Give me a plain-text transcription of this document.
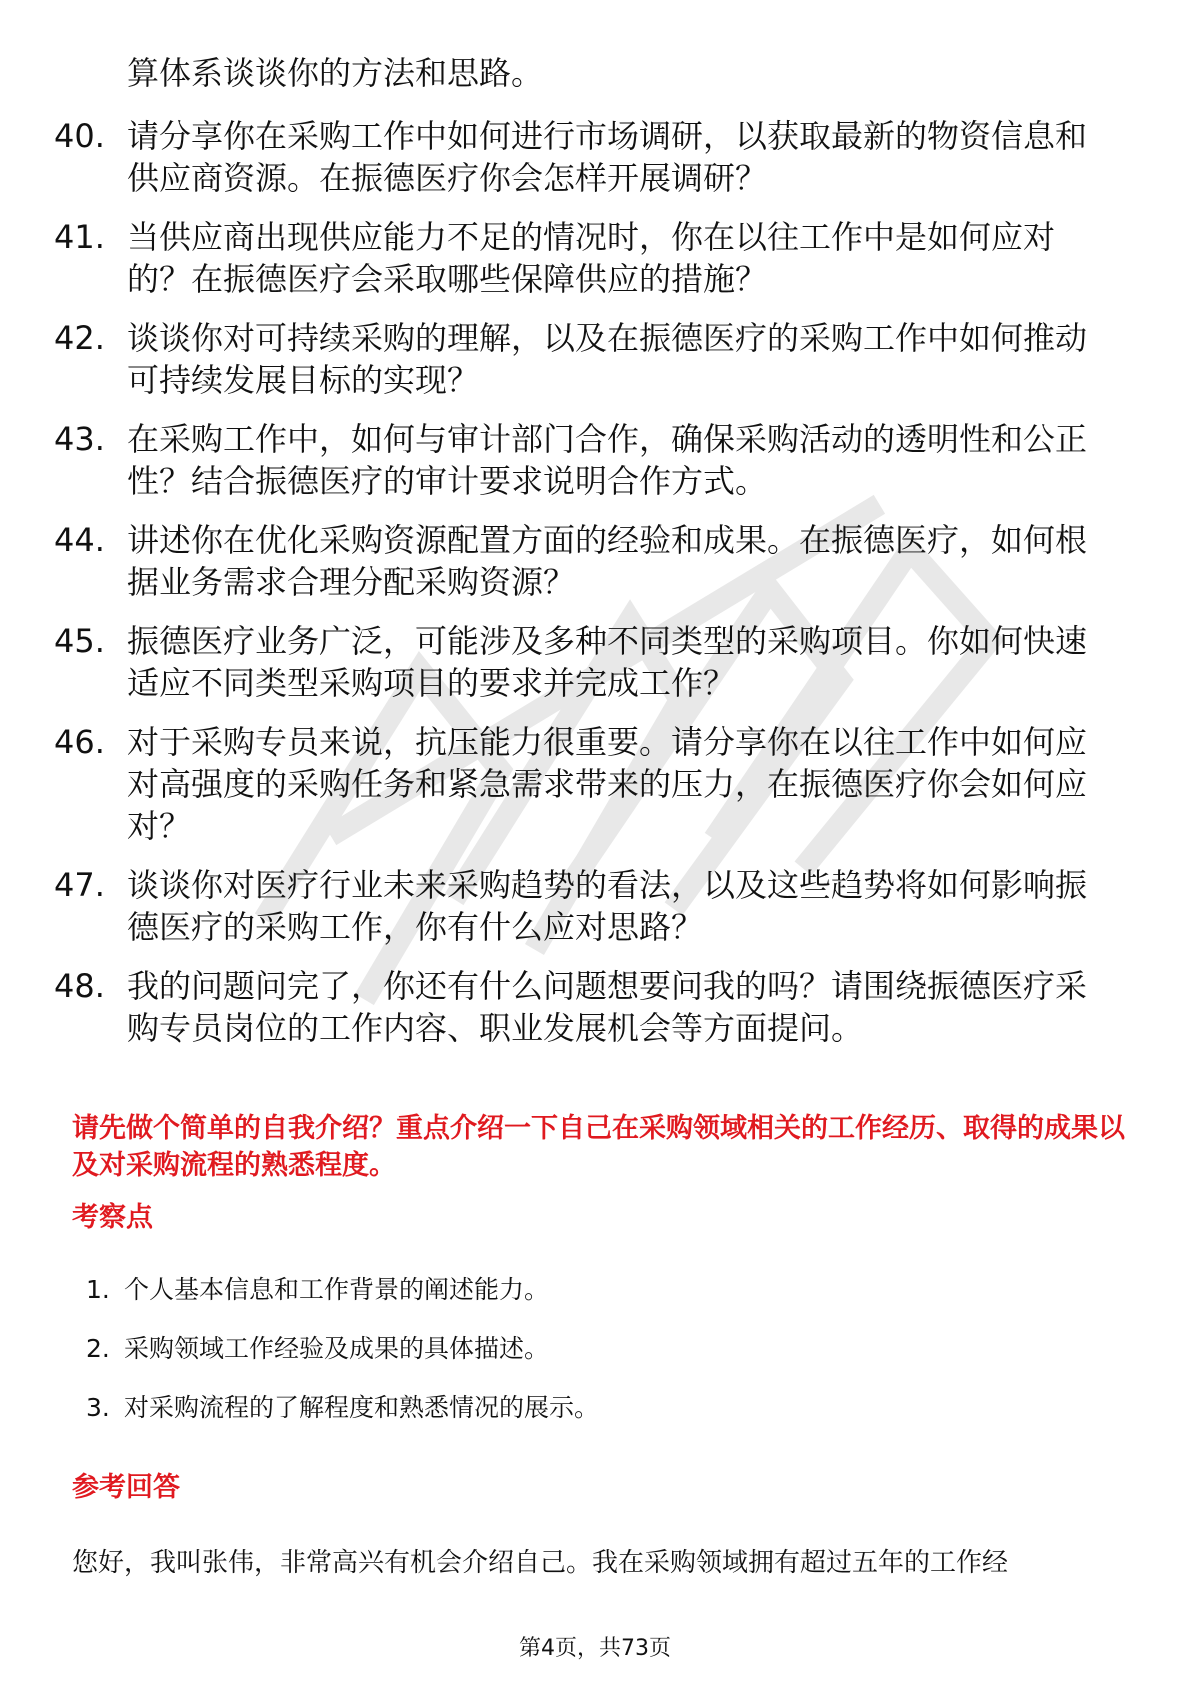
算体系谈谈你的方法和思路。

40. 请分享你在采购工作中如何进行市场调研，以获取最新的物资信息和供应商资源。在振德医疗你会怎样开展调研？
41. 当供应商出现供应能力不足的情况时，你在以往工作中是如何应对的？在振德医疗会采取哪些保障供应的措施？
42. 谈谈你对可持续采购的理解，以及在振德医疗的采购工作中如何推动可持续发展目标的实现？
43. 在采购工作中，如何与审计部门合作，确保采购活动的透明性和公正性？结合振德医疗的审计要求说明合作方式。
44. 讲述你在优化采购资源配置方面的经验和成果。在振德医疗，如何根据业务需求合理分配采购资源？
45. 振德医疗业务广泛，可能涉及多种不同类型的采购项目。你如何快速适应不同类型采购项目的要求并完成工作？
46. 对于采购专员来说，抗压能力很重要。请分享你在以往工作中如何应对高强度的采购任务和紧急需求带来的压力，在振德医疗你会如何应对？
47. 谈谈你对医疗行业未来采购趋势的看法，以及这些趋势将如何影响振德医疗的采购工作，你有什么应对思路？
48. 我的问题问完了，你还有什么问题想要问我的吗？请围绕振德医疗采购专员岗位的工作内容、职业发展机会等方面提问。

请先做个简单的自我介绍？重点介绍一下自己在采购领域相关的工作经历、取得的成果以及对采购流程的熟悉程度。

考察点

1. 个人基本信息和工作背景的阐述能力。
2. 采购领域工作经验及成果的具体描述。
3. 对采购流程的了解程度和熟悉情况的展示。

参考回答

您好，我叫张伟，非常高兴有机会介绍自己。我在采购领域拥有超过五年的工作经

第4页，共73页
